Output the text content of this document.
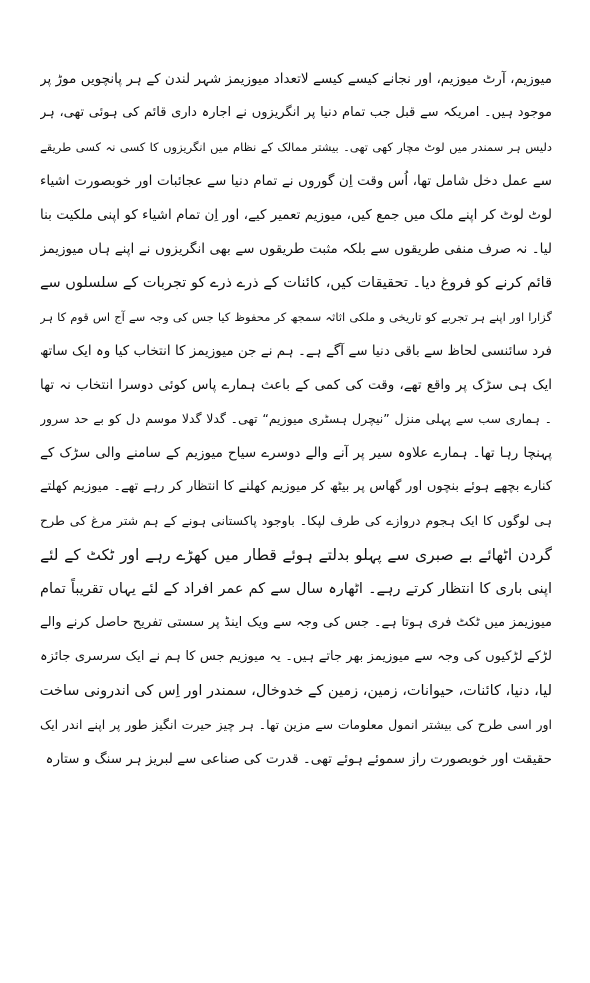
میوزیم، آرٹ میوزیم، اور نجانے کیسے کیسے لاتعداد میوزیمز شہر لندن کے ہر پانچویں موڑ پر
موجود ہیں۔ امریکہ سے قبل جب تمام دنیا پر انگریزوں نے اجارہ داری قائم کی ہوئی تھی، ہر
دلیس ہر سمندر میں لوٹ مچار کھی تھی۔ بیشتر ممالک کے نظام میں انگریزوں کا کسی نہ کسی طریقے
سے عمل دخل شامل تھا، اُس وقت اِن گوروں نے تمام دنیا سے عجائبات اور خوبصورت اشیاء
لوٹ لوٹ کر اپنے ملک میں جمع کیں، میوزیم تعمیر کیے، اور اِن تمام اشیاء کو اپنی ملکیت بنا
لیا۔ نہ صرف منفی طریقوں سے بلکہ مثبت طریقوں سے بھی انگریزوں نے اپنے ہاں میوزیمز
قائم کرنے کو فروغ دیا۔ تحقیقات کیں، کائنات کے ذرے ذرے کو تجربات کے سلسلوں سے
گزارا اور اپنے ہر تجربے کو تاریخی و ملکی اثاثہ سمجھ کر محفوظ کیا جس کی وجہ سے آج اس قوم کا ہر
فرد سائنسی لحاظ سے باقی دنیا سے آگے ہے۔ ہم نے جن میوزیمز کا انتخاب کیا وہ ایک ساتھ
ایک ہی سڑک پر واقع تھے، وقت کی کمی کے باعث ہمارے پاس کوئی دوسرا انتخاب نہ تھا
۔ ہماری سب سے پہلی منزل ”نیچرل ہسٹری میوزیم“ تھی۔ گدلا گدلا موسم دل کو بے حد سرور
پہنچا رہا تھا۔ ہمارے علاوہ سیر پر آنے والے دوسرے سیاح میوزیم کے سامنے والی سڑک کے
کنارے بچھے ہوئے بنچوں اور گھاس پر بیٹھ کر میوزیم کھلنے کا انتظار کر رہے تھے۔ میوزیم کھلتے
ہی لوگوں کا ایک ہجوم دروازے کی طرف لپکا۔ باوجود پاکستانی ہونے کے ہم شتر مرغ کی طرح
گردن اٹھائے بے صبری سے پہلو بدلتے ہوئے قطار میں کھڑے رہے اور ٹکٹ کے لئے
اپنی باری کا انتظار کرتے رہے۔ اٹھارہ سال سے کم عمر افراد کے لئے یہاں تقریباً تمام
میوزیمز میں ٹکٹ فری ہوتا ہے۔ جس کی وجہ سے ویک اینڈ پر سستی تفریح حاصل کرنے والے
لڑکے لڑکیوں کی وجہ سے میوزیمز بھر جاتے ہیں۔ یہ میوزیم جس کا ہم نے ایک سرسری جائزہ
لیا، دنیا، کائنات، حیوانات، زمین، زمین کے خدوخال، سمندر اور اِس کی اندرونی ساخت
اور اسی طرح کی بیشتر انمول معلومات سے مزین تھا۔ ہر چیز حیرت انگیز طور پر اپنے اندر ایک
حقیقت اور خوبصورت راز سموئے ہوئے تھی۔ قدرت کی صناعی سے لبریز ہر سنگ و ستارہ
